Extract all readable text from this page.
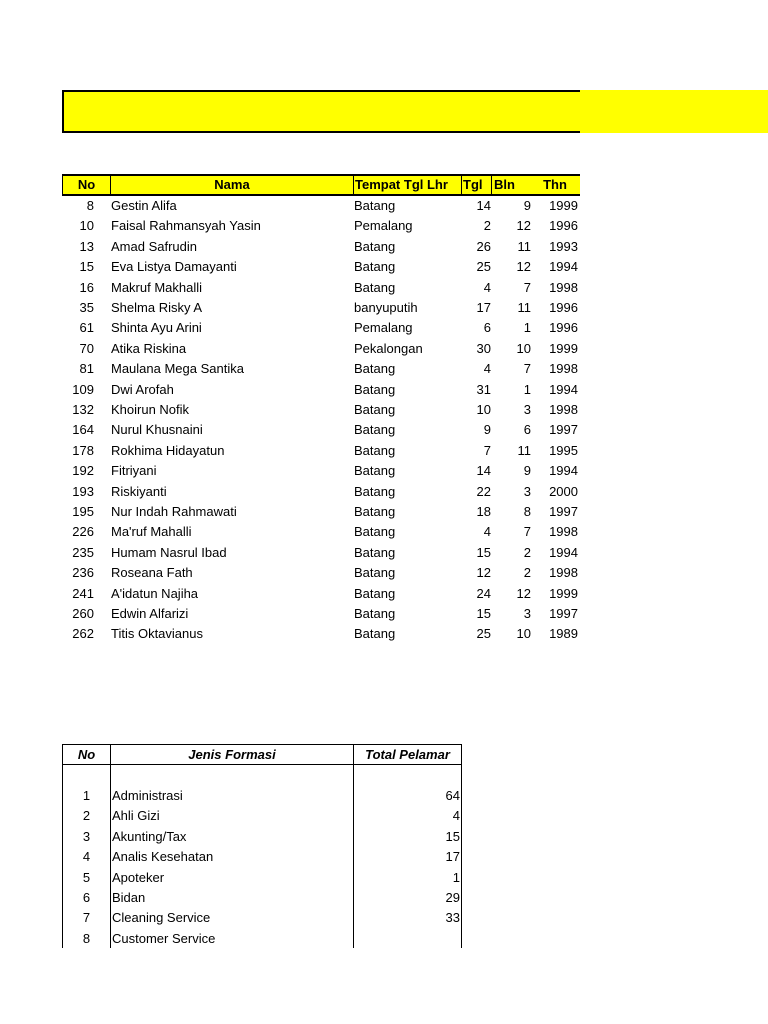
No	Nama	Tempat Tgl Lhr	Tgl Bln	Thn
8 Gestin Alifa	Batang	14	9	1999
10 Faisal Rahmansyah Yasin	Pemalang	2	12	1996
13 Amad Safrudin	Batang	26	11	1993
15 Eva Listya Damayanti	Batang	25	12	1994
16 Makruf Makhalli	Batang	4	7	1998
35 Shelma Risky A	banyuputih	17	11	1996
61 Shinta Ayu Arini	Pemalang	6	1	1996
70 Atika Riskina	Pekalongan	30	10	1999
81 Maulana Mega Santika	Batang	4	7	1998
109 Dwi Arofah	Batang	31	1	1994
132 Khoirun Nofik	Batang	10	3	1998
164 Nurul Khusnaini	Batang	9	6	1997
178 Rokhima Hidayatun	Batang	7	11	1995
192 Fitriyani	Batang	14	9	1994
193 Riskiyanti	Batang	22	3	2000
195 Nur Indah Rahmawati	Batang	18	8	1997
226 Ma'ruf Mahalli	Batang	4	7	1998
235 Humam Nasrul Ibad	Batang	15	2	1994
236 Roseana Fath	Batang	12	2	1998
241 A'idatun Najiha	Batang	24	12	1999
260 Edwin Alfarizi	Batang	15	3	1997
262 Titis Oktavianus	Batang	25	10	1989
No	Jenis Formasi	Total Pelamar
1	Administrasi	64
2	Ahli Gizi	4
3	Akunting/Tax	15
4	Analis Kesehatan	17
5	Apoteker	1
6	Bidan	29
7	Cleaning Service	33
8	Customer Service
